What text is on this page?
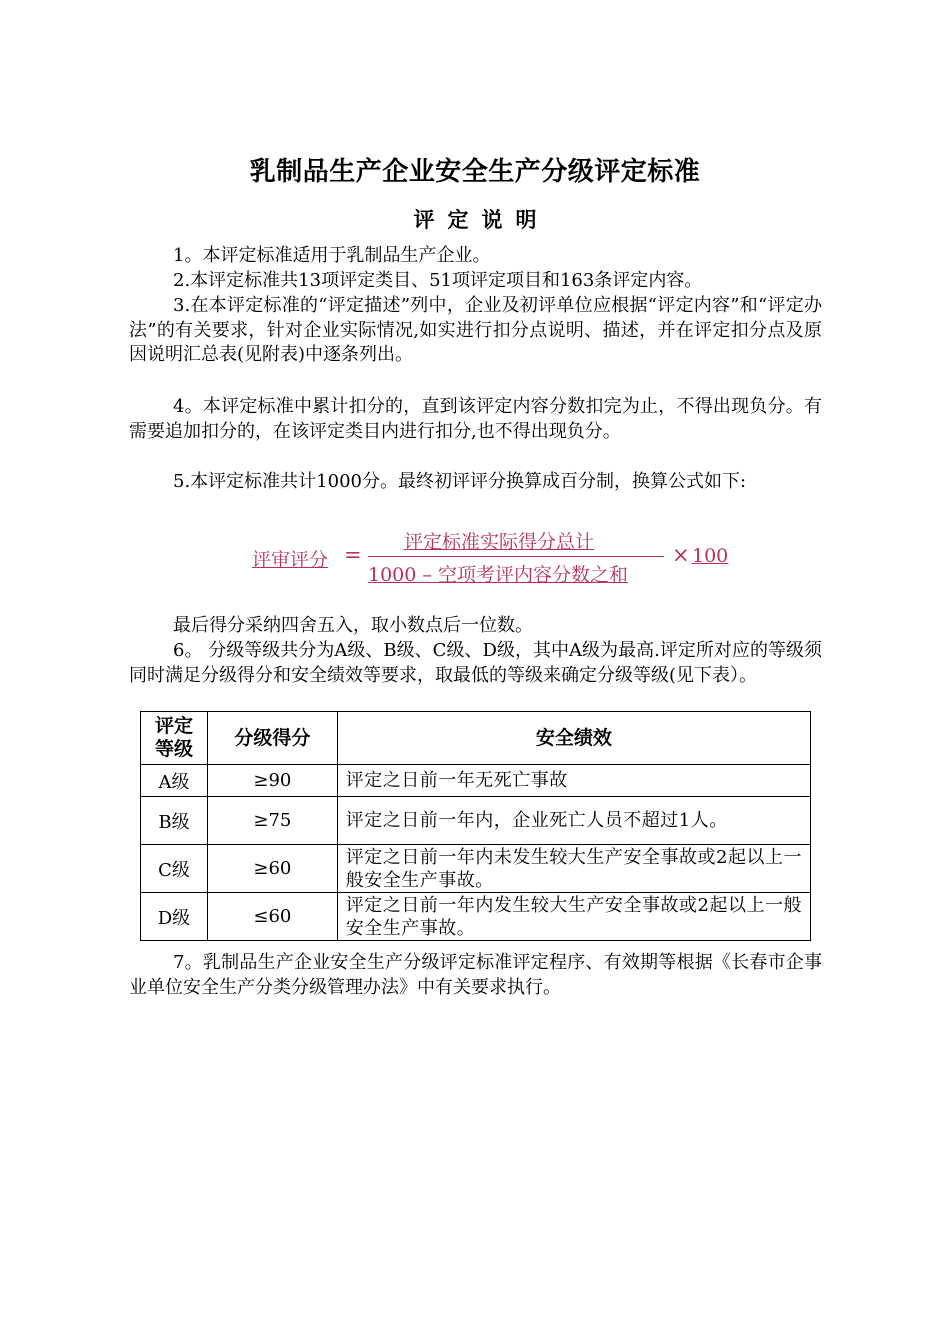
乳制品生产企业安全生产分级评定标准
评定说明
1。本评定标准适用于乳制品生产企业。
2.本评定标准共13项评定类目、51项评定项目和163条评定内容。
3.在本评定标准的“评定描述”列中，企业及初评单位应根据“评定内容”和“评定办法”的有关要求，针对企业实际情况,如实进行扣分点说明、描述，并在评定扣分点及原因说明汇总表(见附表)中逐条列出。
4。本评定标准中累计扣分的，直到该评定内容分数扣完为止，不得出现负分。有需要追加扣分的，在该评定类目内进行扣分,也不得出现负分。
5.本评定标准共计1000分。最终初评评分换算成百分制，换算公式如下:
评审评分 =
评定标准实际得分总计
1000 – 空项考评内容分数之和
× 100
最后得分采纳四舍五入，取小数点后一位数。
6。 分级等级共分为A级、B级、C级、D级，其中A级为最高.评定所对应的等级须同时满足分级得分和安全绩效等要求，取最低的等级来确定分级等级(见下表）。
评定等级	分级得分	安全绩效
A级	≥90	评定之日前一年无死亡事故
B级	≥75	评定之日前一年内，企业死亡人员不超过1人。
C级	≥60	评定之日前一年内未发生较大生产安全事故或2起以上一般安全生产事故。
D级	≤60	评定之日前一年内发生较大生产安全事故或2起以上一般安全生产事故。
7。乳制品生产企业安全生产分级评定标准评定程序、有效期等根据《长春市企事业单位安全生产分类分级管理办法》中有关要求执行。
